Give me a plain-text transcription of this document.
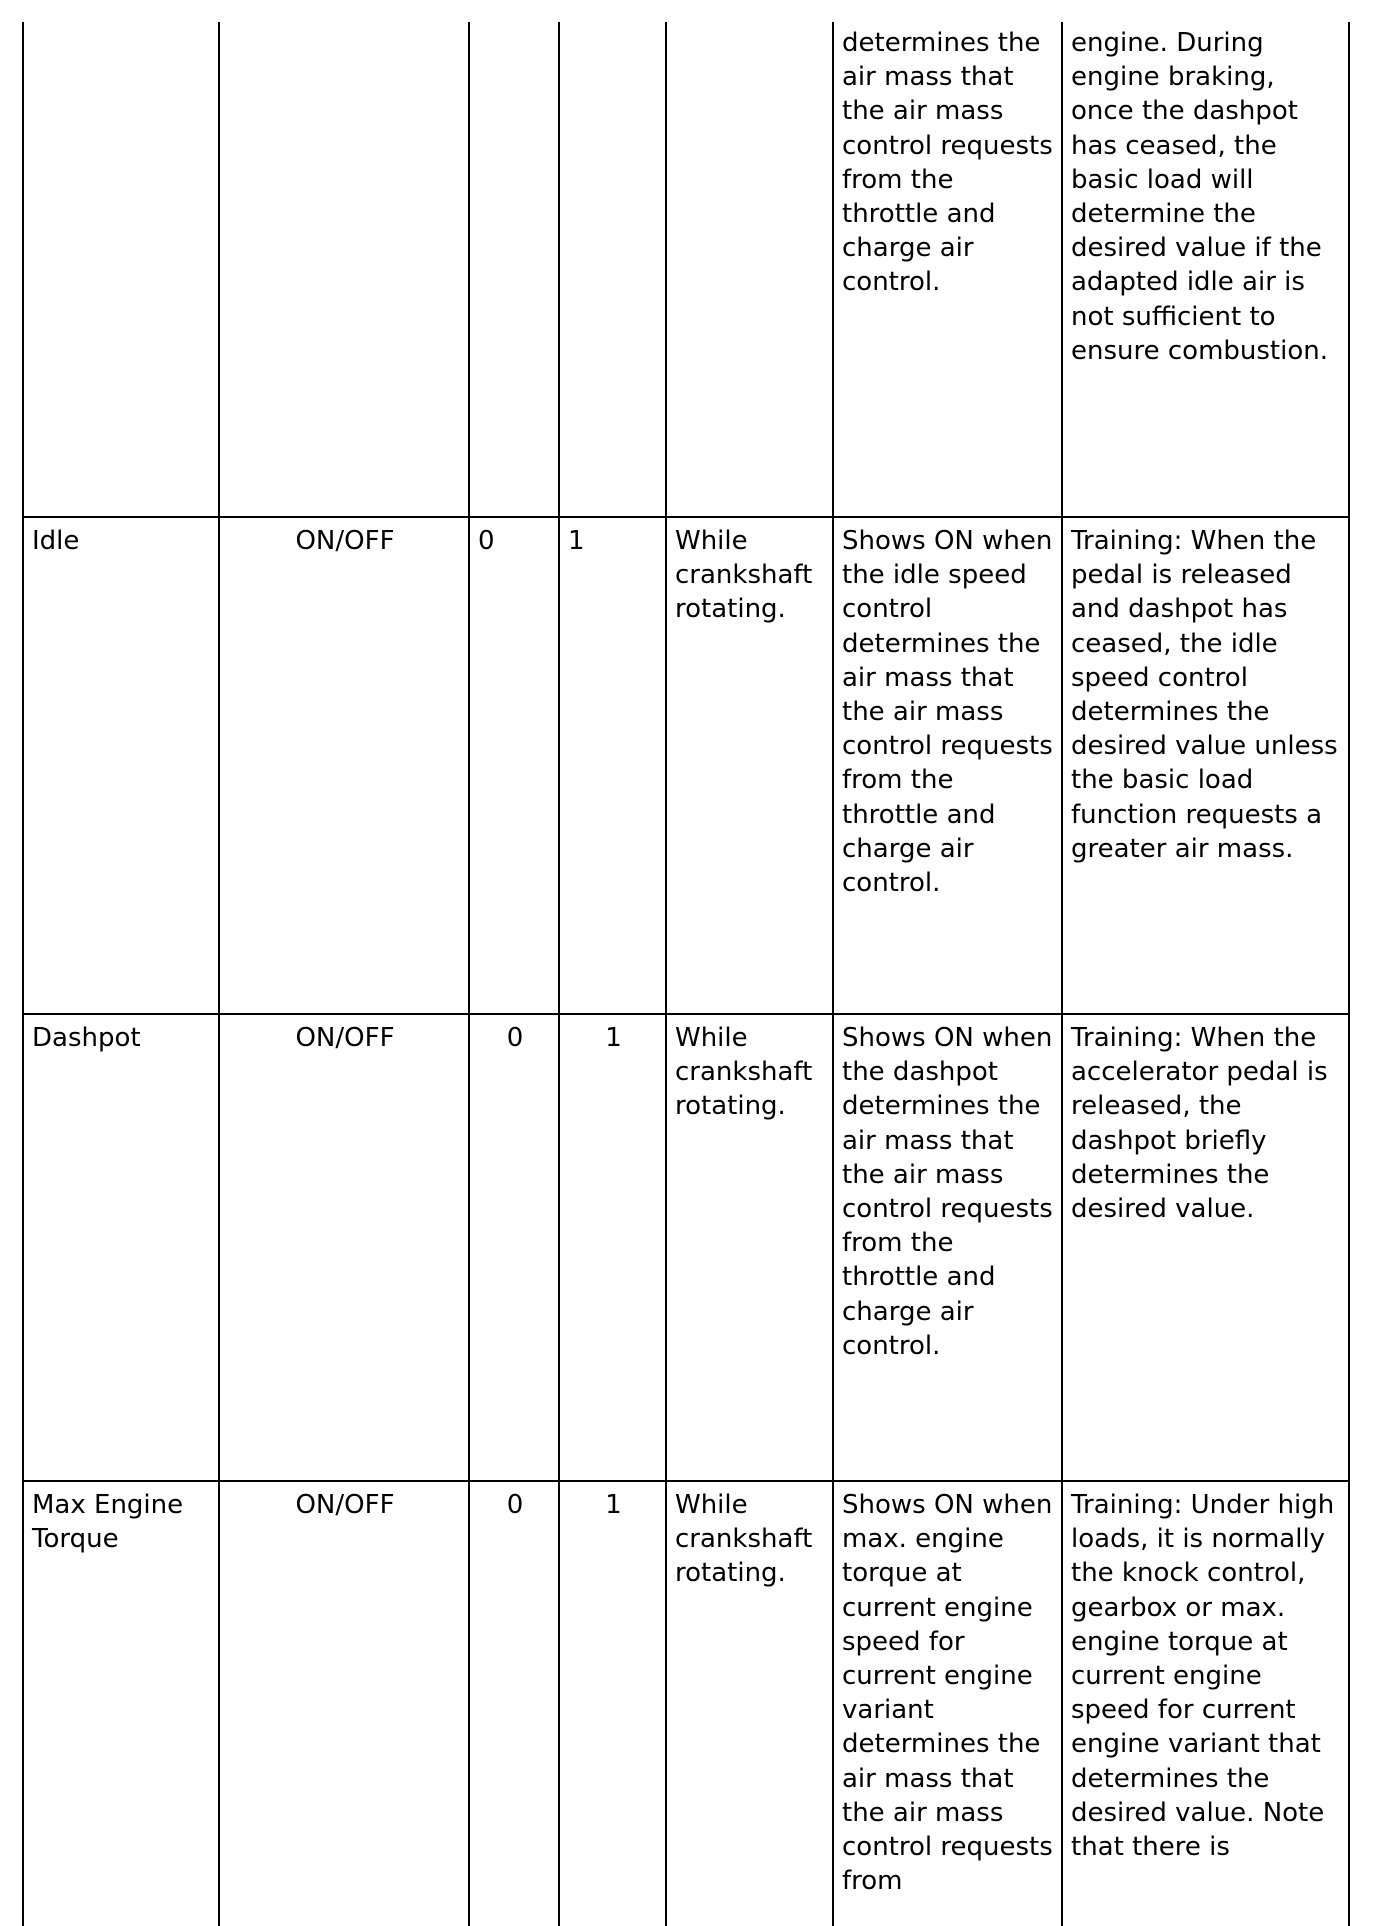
					determines the air mass that the air mass control requests from the throttle and charge air control.	engine. During engine braking, once the dashpot has ceased, the basic load will determine the desired value if the adapted idle air is not sufficient to ensure combustion.
Idle	ON/OFF	0	1	While crankshaft rotating.	Shows ON when the idle speed control determines the air mass that the air mass control requests from the throttle and charge air control.	Training: When the pedal is released and dashpot has ceased, the idle speed control determines the desired value unless the basic load function requests a greater air mass.
Dashpot	ON/OFF	0	1	While crankshaft rotating.	Shows ON when the dashpot determines the air mass that the air mass control requests from the throttle and charge air control.	Training: When the accelerator pedal is released, the dashpot briefly determines the desired value.
Max Engine Torque	ON/OFF	0	1	While crankshaft rotating.	Shows ON when max. engine torque at current engine speed for current engine variant determines the air mass that the air mass control requests from	Training: Under high loads, it is normally the knock control, gearbox or max. engine torque at current engine speed for current engine variant that determines the desired value. Note that there is
